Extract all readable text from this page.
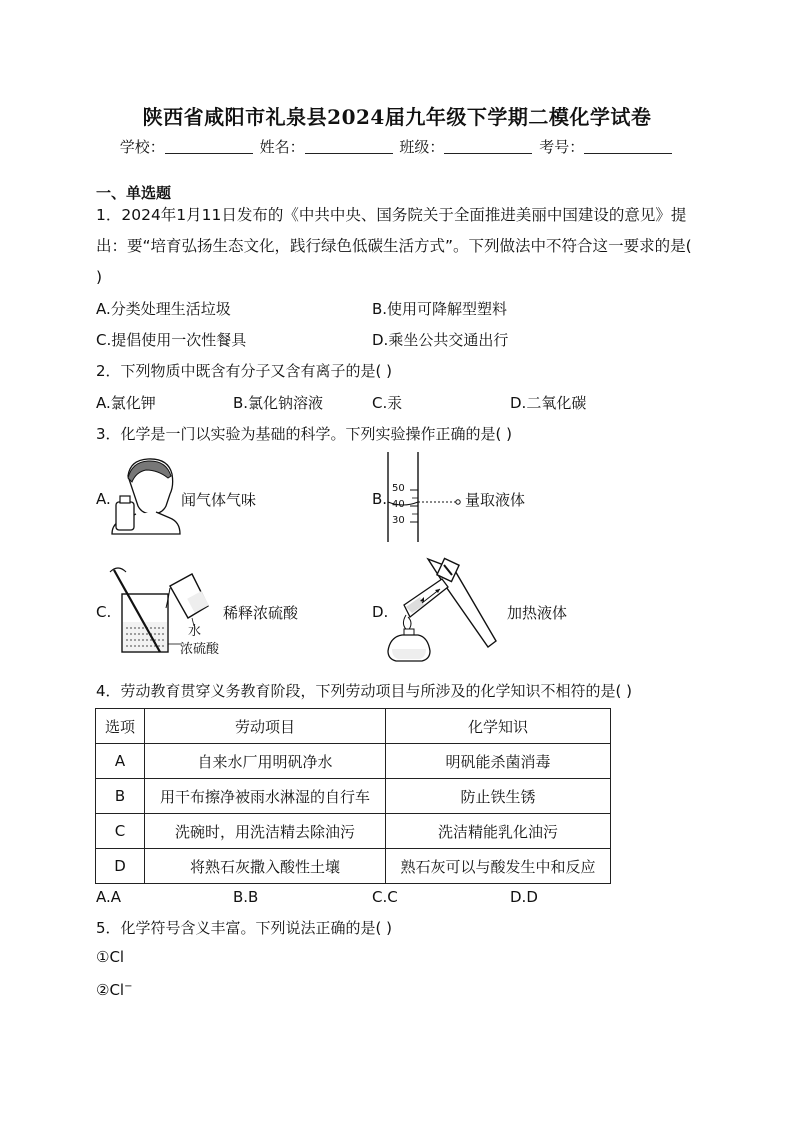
陕西省咸阳市礼泉县2024届九年级下学期二模化学试卷
学校：	姓名：	班级：	考号：
一、单选题
1．2024年1月11日发布的《中共中央、国务院关于全面推进美丽中国建设的意见》提出：要“培育弘扬生态文化，践行绿色低碳生活方式”。下列做法中不符合这一要求的是( )
A.分类处理生活垃圾	B.使用可降解型塑料
C.提倡使用一次性餐具	D.乘坐公共交通出行
2．下列物质中既含有分子又含有离子的是( )
A.氯化钾	B.氯化钠溶液	C.汞	D.二氧化碳
3．化学是一门以实验为基础的科学。下列实验操作正确的是( )
A.	闻气体气味	B.
50
40
30
量取液体
C.
水
浓硫酸
稀释浓硫酸	D.	加热液体
4．劳动教育贯穿义务教育阶段，下列劳动项目与所涉及的化学知识不相符的是( )
选项	劳动项目	化学知识
A	自来水厂用明矾净水	明矾能杀菌消毒
B	用干布擦净被雨水淋湿的自行车	防止铁生锈
C	洗碗时，用洗洁精去除油污	洗洁精能乳化油污
D	将熟石灰撒入酸性土壤	熟石灰可以与酸发生中和反应
A.A	B.B	C.C	D.D
5．化学符号含义丰富。下列说法正确的是( )
①Cl
②Cl−
